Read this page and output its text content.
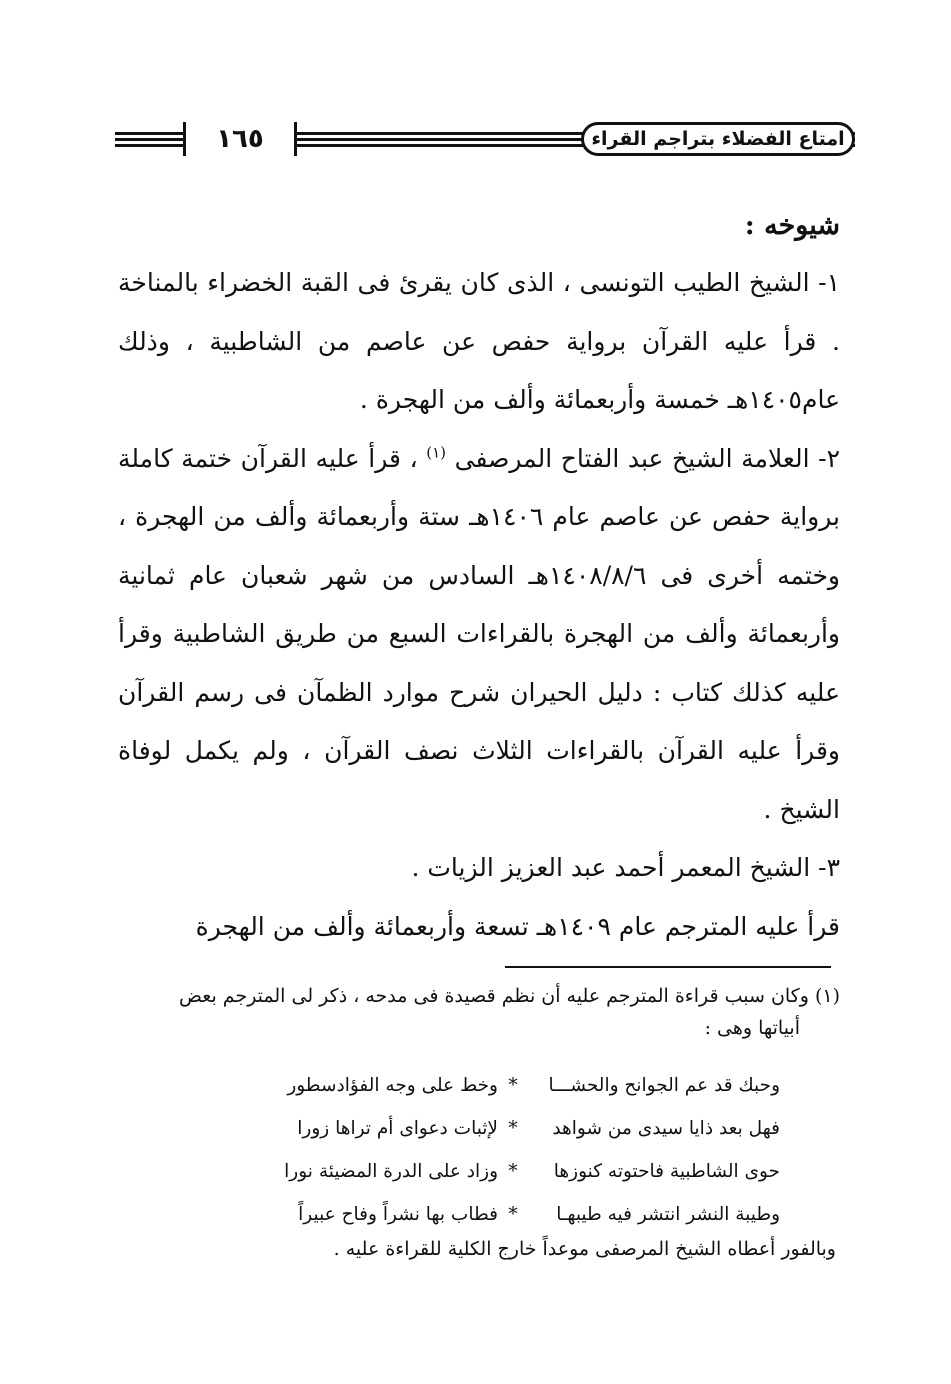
١٦٥	امتاع الفضلاء بتراجم القراء

شيوخه :

١- الشيخ الطيب التونسى ، الذى كان يقرئ فى القبة الخضراء بالمناخة . قرأ عليه القرآن برواية حفص عن عاصم من الشاطبية ، وذلك عام١٤٠٥هـ خمسة وأربعمائة وألف من الهجرة .

٢- العلامة الشيخ عبد الفتاح المرصفى $^{(١)}$ ، قرأ عليه القرآن ختمة كاملة برواية حفص عن عاصم عام ١٤٠٦هـ ستة وأربعمائة وألف من الهجرة ، وختمه أخرى فى ١٤٠٨/٨/٦هـ السادس من شهر شعبان عام ثمانية وأربعمائة وألف من الهجرة بالقراءات السبع من طريق الشاطبية وقرأ عليه كذلك كتاب : دليل الحيران شرح موارد الظمآن فى رسم القرآن وقرأ عليه القرآن بالقراءات الثلاث نصف القرآن ، ولم يكمل لوفاة الشيخ .

٣- الشيخ المعمر أحمد عبد العزيز الزيات .

قرأ عليه المترجم عام ١٤٠٩هـ تسعة وأربعمائة وألف من الهجرة

(١) وكان سبب قراءة المترجم عليه أن نظم قصيدة فى مدحه ، ذكر لى المترجم بعض
أبياتها وهى :
وحبك قد عم الجوانح والحشـــا
*
وخط على وجه الفؤادسطور
فهل بعد ذايا سيدى من شواهد
*
لإثبات دعواى أم تراها زورا
حوى الشاطبية فاحتوته كنوزها
*
وزاد على الدرة المضيئة نورا
وطيبة النشر انتشر فيه طيبهـا
*
فطاب بها نشراً وفاح عبيراً
وبالفور أعطاه الشيخ المرصفى موعداً خارج الكلية للقراءة عليه .
